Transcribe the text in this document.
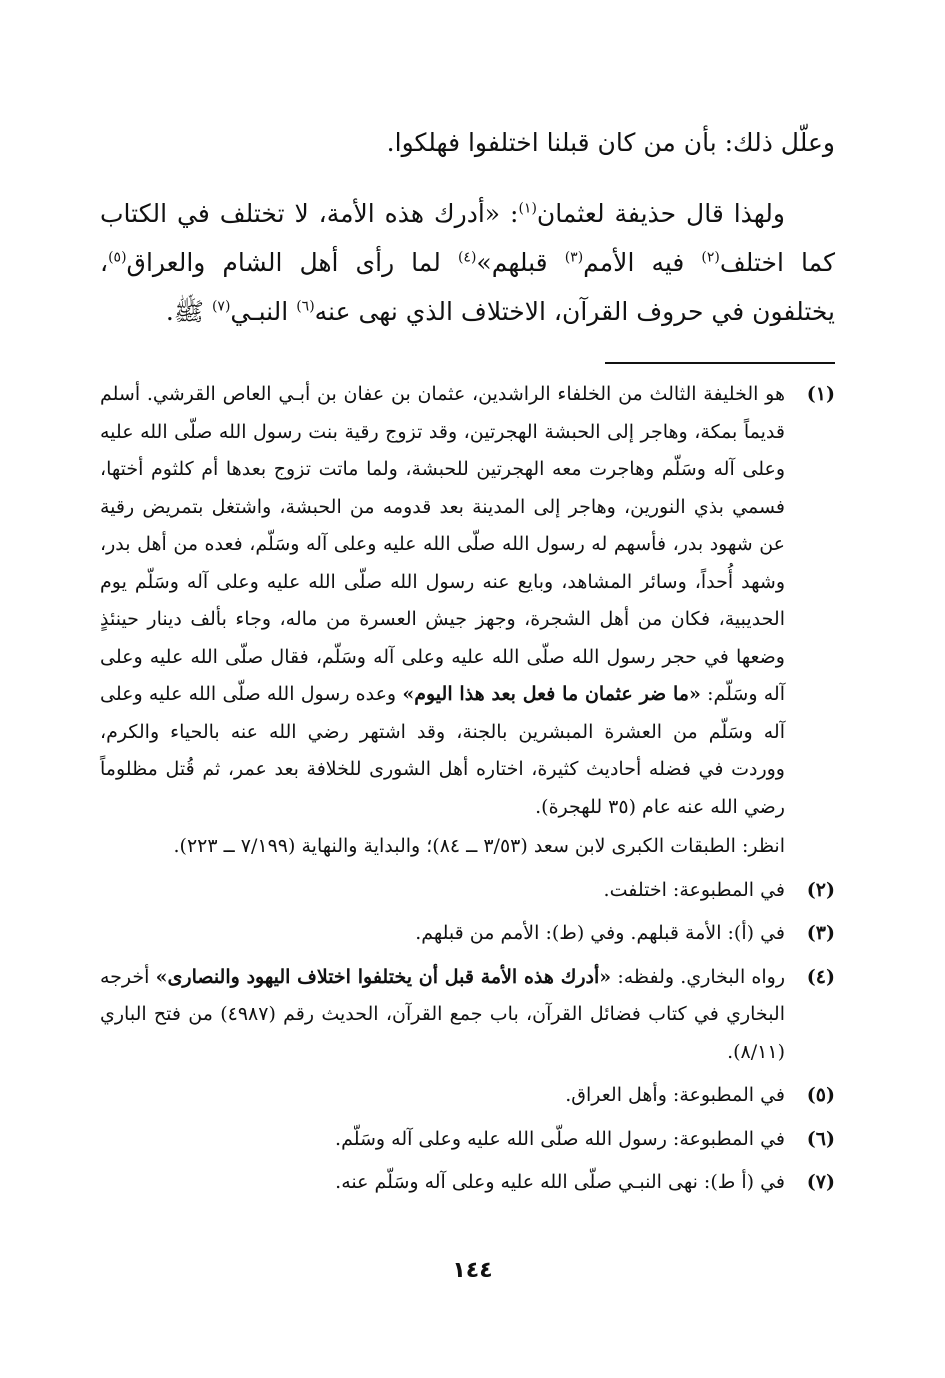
وعلّل ذلك: بأن من كان قبلنا اختلفوا فهلكوا.

ولهذا قال حذيفة لعثمان$^{(١)}$: «أدرك هذه الأمة، لا تختلف في الكتاب كما اختلف$^{(٢)}$ فيه الأمم$^{(٣)}$ قبلهم»$^{(٤)}$ لما رأى أهل الشام والعراق$^{(٥)}$، يختلفون في حروف القرآن، الاختلاف الذي نهى عنه$^{(٦)}$ النبـي$^{(٧)}$ ﷺ.

(١)

هو الخليفة الثالث من الخلفاء الراشدين، عثمان بن عفان بن أبـي العاص القرشي. أسلم قديماً بمكة، وهاجر إلى الحبشة الهجرتين، وقد تزوج رقية بنت رسول الله صلّى الله عليه وعلى آله وسَلّم وهاجرت معه الهجرتين للحبشة، ولما ماتت تزوج بعدها أم كلثوم أختها، فسمي بذي النورين، وهاجر إلى المدينة بعد قدومه من الحبشة، واشتغل بتمريض رقية عن شهود بدر، فأسهم له رسول الله صلّى الله عليه وعلى آله وسَلّم، فعده من أهل بدر، وشهد أُحداً، وسائر المشاهد، وبايع عنه رسول الله صلّى الله عليه وعلى آله وسَلّم يوم الحديبية، فكان من أهل الشجرة، وجهز جيش العسرة من ماله، وجاء بألف دينار حينئذٍ وضعها في حجر رسول الله صلّى الله عليه وعلى آله وسَلّم، فقال صلّى الله عليه وعلى آله وسَلّم: «ما ضر عثمان ما فعل بعد هذا اليوم» وعده رسول الله صلّى الله عليه وعلى آله وسَلّم من العشرة المبشرين بالجنة، وقد اشتهر رضي الله عنه بالحياء والكرم، ووردت في فضله أحاديث كثيرة، اختاره أهل الشورى للخلافة بعد عمر، ثم قُتل مظلوماً رضي الله عنه عام (٣٥ للهجرة).

انظر: الطبقات الكبرى لابن سعد (٣/٥٣ ــ ٨٤)؛ والبداية والنهاية (٧/١٩٩ ــ ٢٢٣).

(٢)
في المطبوعة: اختلفت.
(٣)
في (أ): الأمة قبلهم. وفي (ط): الأمم من قبلهم.
(٤)
رواه البخاري. ولفظه: «أدرك هذه الأمة قبل أن يختلفوا اختلاف اليهود والنصارى» أخرجه البخاري في كتاب فضائل القرآن، باب جمع القرآن، الحديث رقم (٤٩٨٧) من فتح الباري (٨/١١).
(٥)
في المطبوعة: وأهل العراق.
(٦)
في المطبوعة: رسول الله صلّى الله عليه وعلى آله وسَلّم.
(٧)
في (أ ط): نهى النبـي صلّى الله عليه وعلى آله وسَلّم عنه.
١٤٤
